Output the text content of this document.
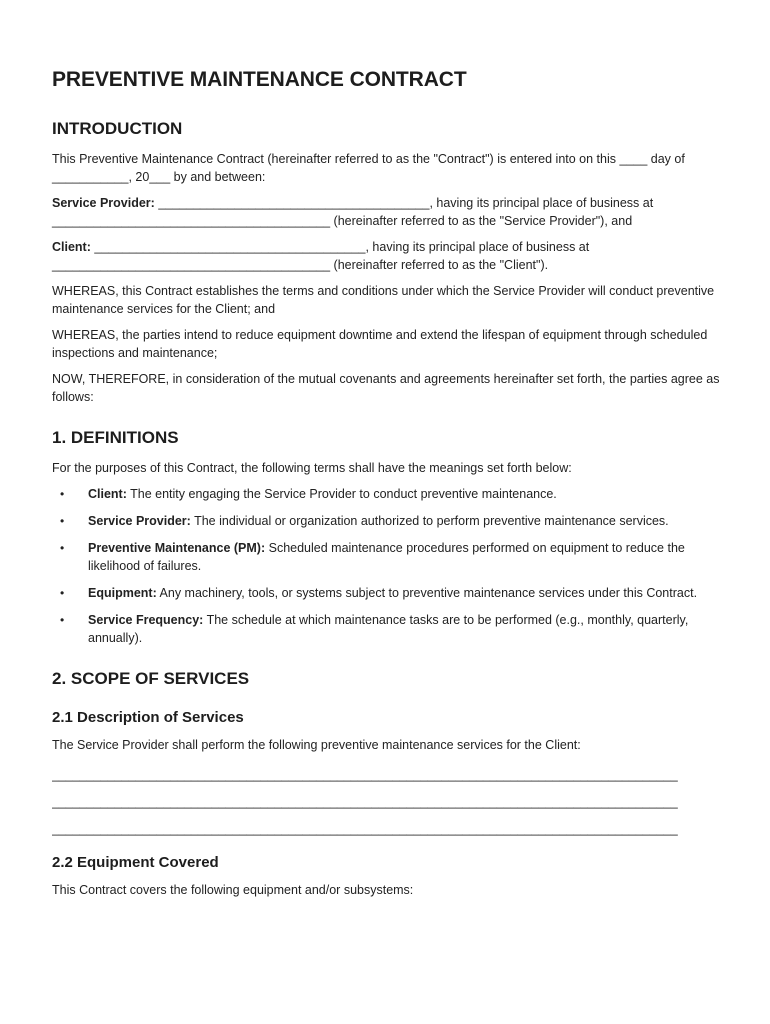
PREVENTIVE MAINTENANCE CONTRACT
INTRODUCTION

This Preventive Maintenance Contract (hereinafter referred to as the "Contract") is entered into on this ____ day of ___________, 20___ by and between:

Service Provider: _______________________________________, having its principal place of business at ________________________________________ (hereinafter referred to as the "Service Provider"), and

Client: _______________________________________, having its principal place of business at ________________________________________ (hereinafter referred to as the "Client").

WHEREAS, this Contract establishes the terms and conditions under which the Service Provider will conduct preventive maintenance services for the Client; and

WHEREAS, the parties intend to reduce equipment downtime and extend the lifespan of equipment through scheduled inspections and maintenance;

NOW, THEREFORE, in consideration of the mutual covenants and agreements hereinafter set forth, the parties agree as follows:

1. DEFINITIONS

For the purposes of this Contract, the following terms shall have the meanings set forth below:

• Client: The entity engaging the Service Provider to conduct preventive maintenance.
• Service Provider: The individual or organization authorized to perform preventive maintenance services.
• Preventive Maintenance (PM): Scheduled maintenance procedures performed on equipment to reduce the likelihood of failures.
• Equipment: Any machinery, tools, or systems subject to preventive maintenance services under this Contract.
• Service Frequency: The schedule at which maintenance tasks are to be performed (e.g., monthly, quarterly, annually).
2. SCOPE OF SERVICES
2.1 Description of Services

The Service Provider shall perform the following preventive maintenance services for the Client:

__________________________________________________________________________________________
__________________________________________________________________________________________
__________________________________________________________________________________________
2.2 Equipment Covered

This Contract covers the following equipment and/or subsystems:
